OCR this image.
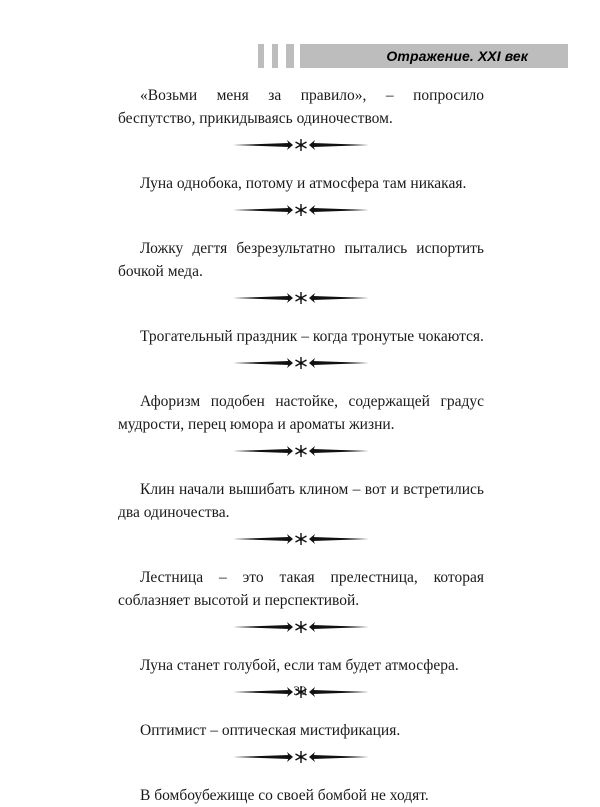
Отражение. XXI век

«Возьми меня за правило», – попросило беспутство, прикидываясь одиночеством.

Луна однобока, потому и атмосфера там никакая.

Ложку дегтя безрезультатно пытались испортить бочкой меда.

Трогательный праздник – когда тронутые чокаются.

Афоризм подобен настойке, содержащей градус мудрости, перец юмора и ароматы жизни.

Клин начали вышибать клином – вот и встретились два одиночества.

Лестница – это такая прелестница, которая соблазняет высотой и перспективой.

Луна станет голубой, если там будет атмосфера.

Оптимист – оптическая мистификация.

В бомбоубежище со своей бомбой не ходят.

39
